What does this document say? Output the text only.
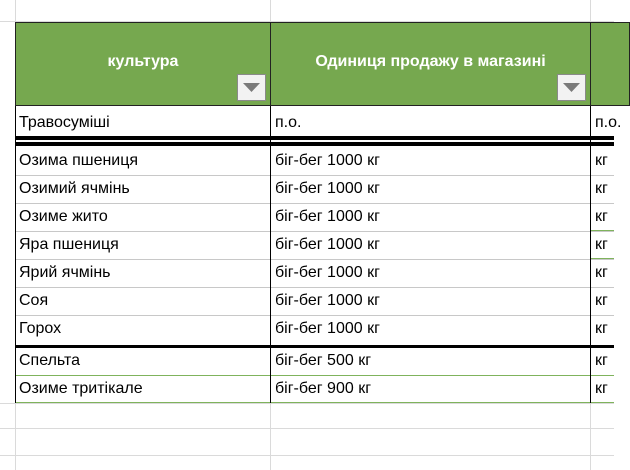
культура	Одиниця продажу в магазині
Травосуміші	п.о.	п.о.
Озима пшениця	біг-бег 1000 кг	кг
Озимий ячмінь	біг-бег 1000 кг	кг
Озиме жито	біг-бег 1000 кг	кг
Яра пшениця	біг-бег 1000 кг	кг
Ярий ячмінь	біг-бег 1000 кг	кг
Соя	біг-бег 1000 кг	кг
Горох	біг-бег 1000 кг	кг
Спельта	біг-бег 500 кг	кг
Озиме тритікале	біг-бег 900 кг	кг
